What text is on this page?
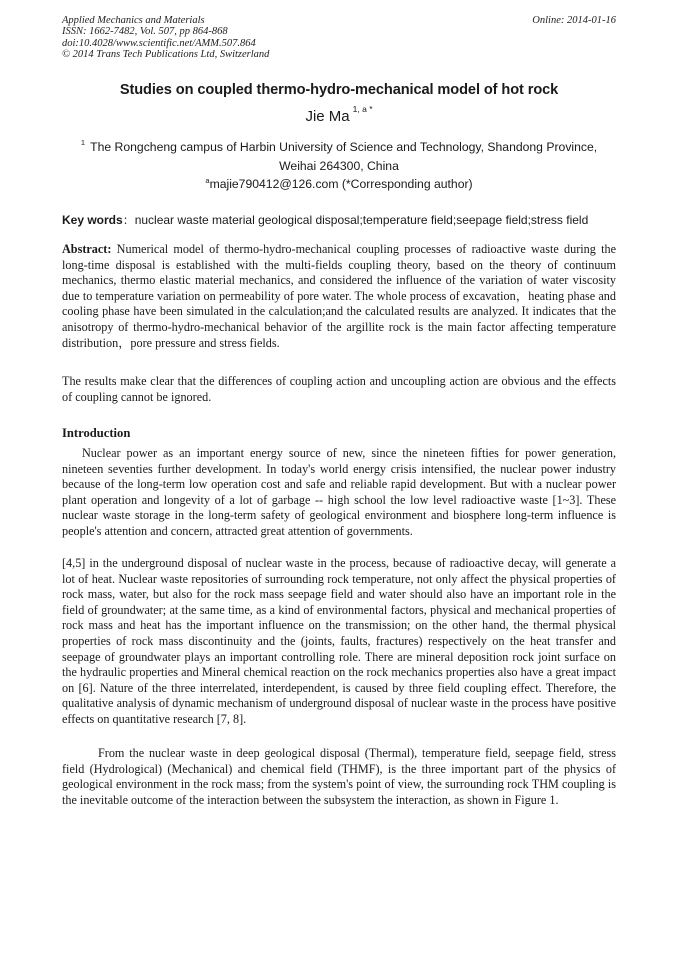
Applied Mechanics and Materials
ISSN: 1662-7482, Vol. 507, pp 864-868
doi:10.4028/www.scientific.net/AMM.507.864
© 2014 Trans Tech Publications Ltd, Switzerland
Online: 2014-01-16
Studies on coupled thermo-hydro-mechanical model of hot rock
Jie Ma $^{1, a *}$
$^1$ The Rongcheng campus of Harbin University of Science and Technology, Shandong Province,
Weihai 264300, China
$^a$majie790412@126.com (*Corresponding author)
Key words：nuclear waste material geological disposal;temperature field;seepage field;stress field

Abstract: Numerical model of thermo-hydro-mechanical coupling processes of radioactive waste during the long-time disposal is established with the multi-fields coupling theory, based on the theory of continuum mechanics, thermo elastic material mechanics, and considered the influence of the variation of water viscosity due to temperature variation on permeability of pore water. The whole process of excavation，heating phase and cooling phase have been simulated in the calculation;and the calculated results are analyzed. It indicates that the anisotropy of thermo-hydro-mechanical behavior of the argillite rock is the main factor affecting temperature distribution，pore pressure and stress fields.

The results make clear that the differences of coupling action and uncoupling action are obvious and the effects of coupling cannot be ignored.

Introduction

Nuclear power as an important energy source of new, since the nineteen fifties for power generation, nineteen seventies further development. In today's world energy crisis intensified, the nuclear power industry because of the long-term low operation cost and safe and reliable rapid development. But with a nuclear power plant operation and longevity of a lot of garbage -- high school the low level radioactive waste [1~3]. These nuclear waste storage in the long-term safety of geological environment and biosphere long-term influence is people's attention and concern, attracted great attention of governments.

[4,5] in the underground disposal of nuclear waste in the process, because of radioactive decay, will generate a lot of heat. Nuclear waste repositories of surrounding rock temperature, not only affect the physical properties of rock mass, water, but also for the rock mass seepage field and water should also have an important role in the field of groundwater; at the same time, as a kind of environmental factors, physical and mechanical properties of rock mass and heat has the important influence on the transmission; on the other hand, the thermal physical properties of rock mass discontinuity and the (joints, faults, fractures) respectively on the heat transfer and seepage of groundwater plays an important controlling role. There are mineral deposition rock joint surface on the hydraulic properties and Mineral chemical reaction on the rock mechanics properties also have a great impact on [6]. Nature of the three interrelated, interdependent, is caused by three field coupling effect. Therefore, the qualitative analysis of dynamic mechanism of underground disposal of nuclear waste in the process have positive effects on quantitative research [7, 8].

From the nuclear waste in deep geological disposal (Thermal), temperature field, seepage field, stress field (Hydrological) (Mechanical) and chemical field (THMF), is the three important part of the physics of geological environment in the rock mass; from the system's point of view, the surrounding rock THM coupling is the inevitable outcome of the interaction between the subsystem the interaction, as shown in Figure 1.
